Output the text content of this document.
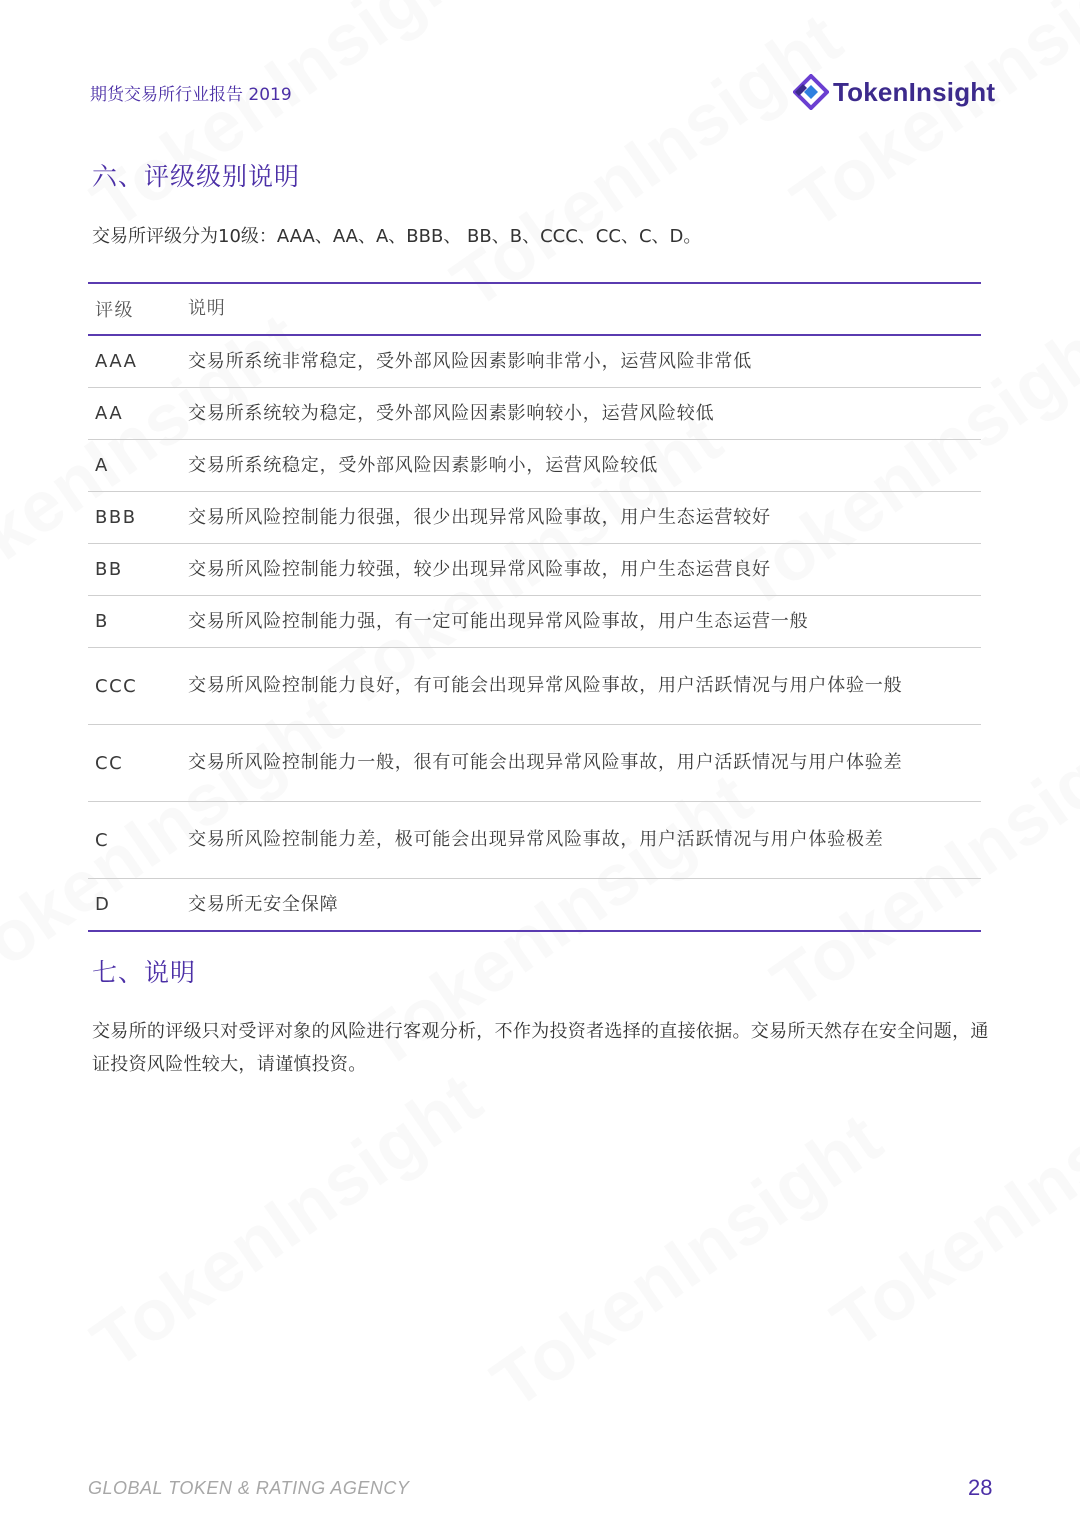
期货交易所行业报告 2019	TokenInsight
六、评级级别说明
交易所评级分为10级：AAA、AA、A、BBB、 BB、B、CCC、CC、C、D。
评级	说明
AAA	交易所系统非常稳定，受外部风险因素影响非常小，运营风险非常低
AA	交易所系统较为稳定，受外部风险因素影响较小，运营风险较低
A	交易所系统稳定，受外部风险因素影响小，运营风险较低
BBB	交易所风险控制能力很强，很少出现异常风险事故，用户生态运营较好
BB	交易所风险控制能力较强，较少出现异常风险事故，用户生态运营良好
B	交易所风险控制能力强，有一定可能出现异常风险事故，用户生态运营一般
CCC	交易所风险控制能力良好，有可能会出现异常风险事故，用户活跃情况与用户体验一般
CC	交易所风险控制能力一般，很有可能会出现异常风险事故，用户活跃情况与用户体验差
C	交易所风险控制能力差，极可能会出现异常风险事故，用户活跃情况与用户体验极差
D	交易所无安全保障
七、说明
交易所的评级只对受评对象的风险进行客观分析，不作为投资者选择的直接依据。交易所天然存在安全问题，通证投资风险性较大，请谨慎投资。
GLOBAL TOKEN & RATING AGENCY	28
